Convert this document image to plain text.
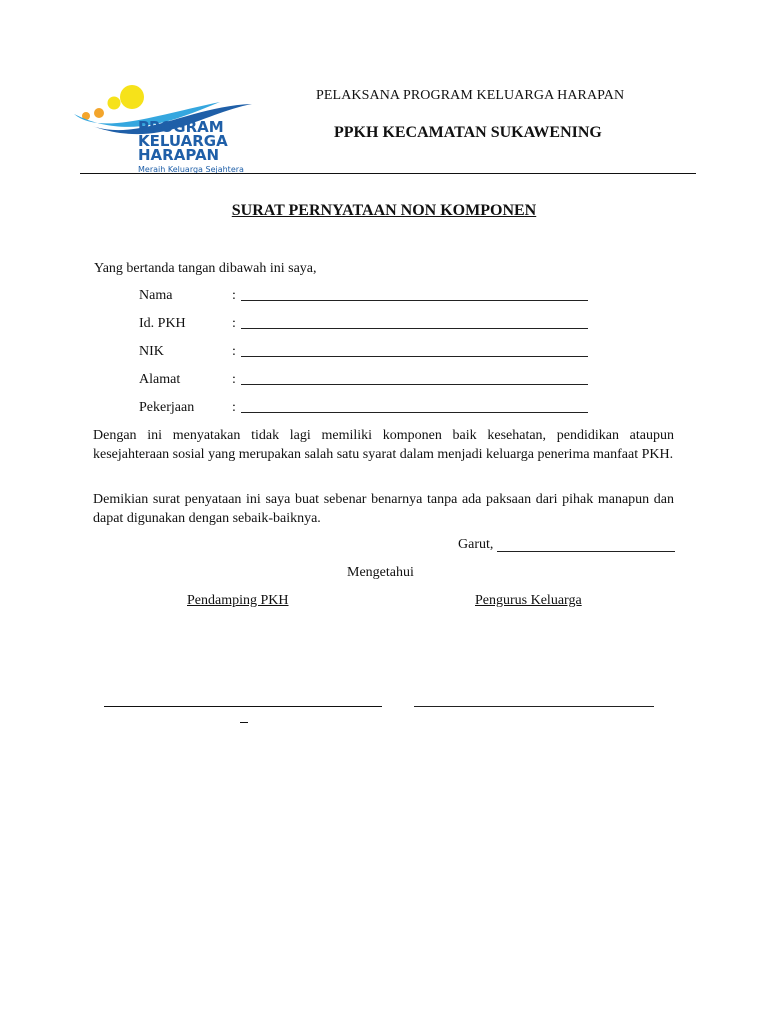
PROGRAM
KELUARGA
HARAPAN
Meraih Keluarga Sejahtera
PELAKSANA PROGRAM KELUARGA HARAPAN
PPKH KECAMATAN SUKAWENING
SURAT PERNYATAAN NON KOMPONEN
Yang bertanda tangan dibawah ini saya,
Nama	:
Id. PKH	:
NIK	:
Alamat	:
Pekerjaan	:
Dengan ini menyatakan tidak lagi memiliki komponen baik kesehatan, pendidikan ataupun kesejahteraan sosial yang merupakan salah satu syarat dalam menjadi keluarga penerima manfaat PKH.
Demikian surat penyataan ini saya buat sebenar benarnya tanpa ada paksaan dari pihak manapun dan dapat digunakan dengan sebaik-baiknya.
Garut,
Mengetahui
Pendamping PKH	Pengurus Keluarga
